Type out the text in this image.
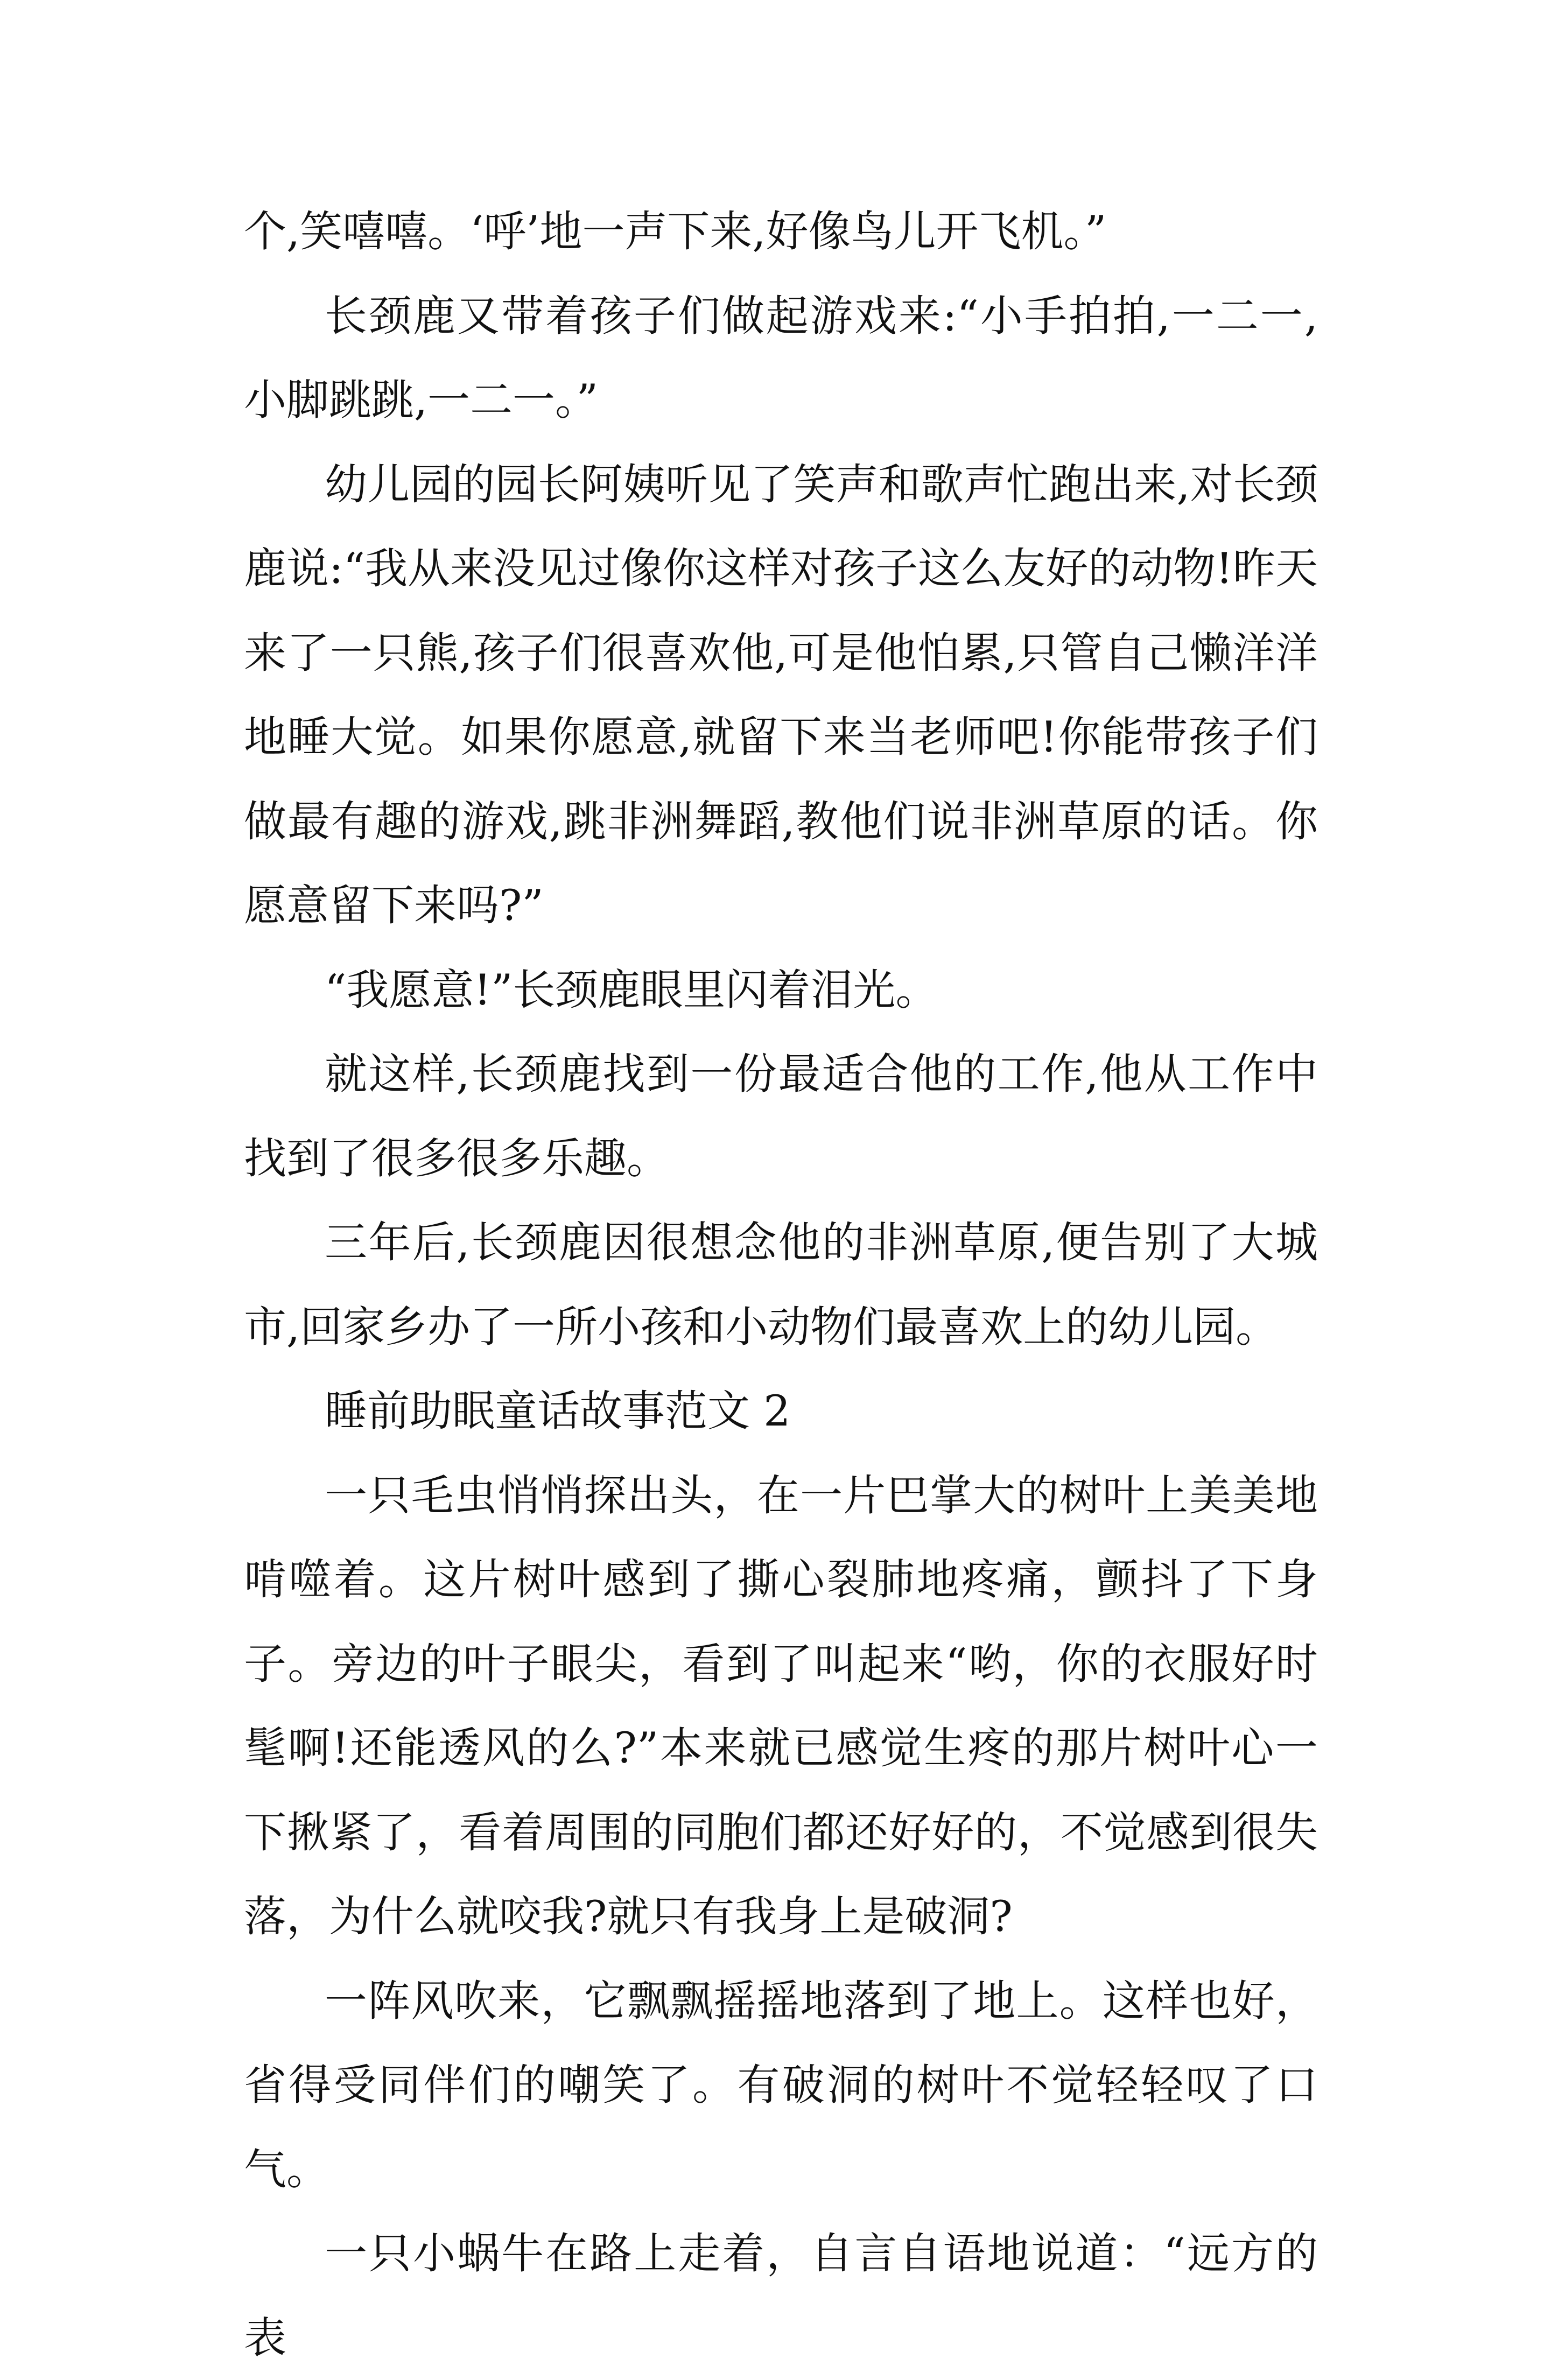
个,笑嘻嘻。‘呼’地一声下来,好像鸟儿开飞机。”

长颈鹿又带着孩子们做起游戏来:“小手拍拍,一二一,小脚跳跳,一二一。”

幼儿园的园长阿姨听见了笑声和歌声忙跑出来,对长颈鹿说:“我从来没见过像你这样对孩子这么友好的动物!昨天来了一只熊,孩子们很喜欢他,可是他怕累,只管自己懒洋洋地睡大觉。如果你愿意,就留下来当老师吧!你能带孩子们做最有趣的游戏,跳非洲舞蹈,教他们说非洲草原的话。你愿意留下来吗?”

“我愿意!”长颈鹿眼里闪着泪光。

就这样,长颈鹿找到一份最适合他的工作,他从工作中找到了很多很多乐趣。

三年后,长颈鹿因很想念他的非洲草原,便告别了大城市,回家乡办了一所小孩和小动物们最喜欢上的幼儿园。

睡前助眠童话故事范文 2

一只毛虫悄悄探出头，在一片巴掌大的树叶上美美地啃噬着。这片树叶感到了撕心裂肺地疼痛，颤抖了下身子。旁边的叶子眼尖，看到了叫起来“哟，你的衣服好时髦啊!还能透风的么?”本来就已感觉生疼的那片树叶心一下揪紧了，看着周围的同胞们都还好好的，不觉感到很失落，为什么就咬我?就只有我身上是破洞?

一阵风吹来，它飘飘摇摇地落到了地上。这样也好，省得受同伴们的嘲笑了。有破洞的树叶不觉轻轻叹了口气。

一只小蜗牛在路上走着，自言自语地说道：“远方的表
